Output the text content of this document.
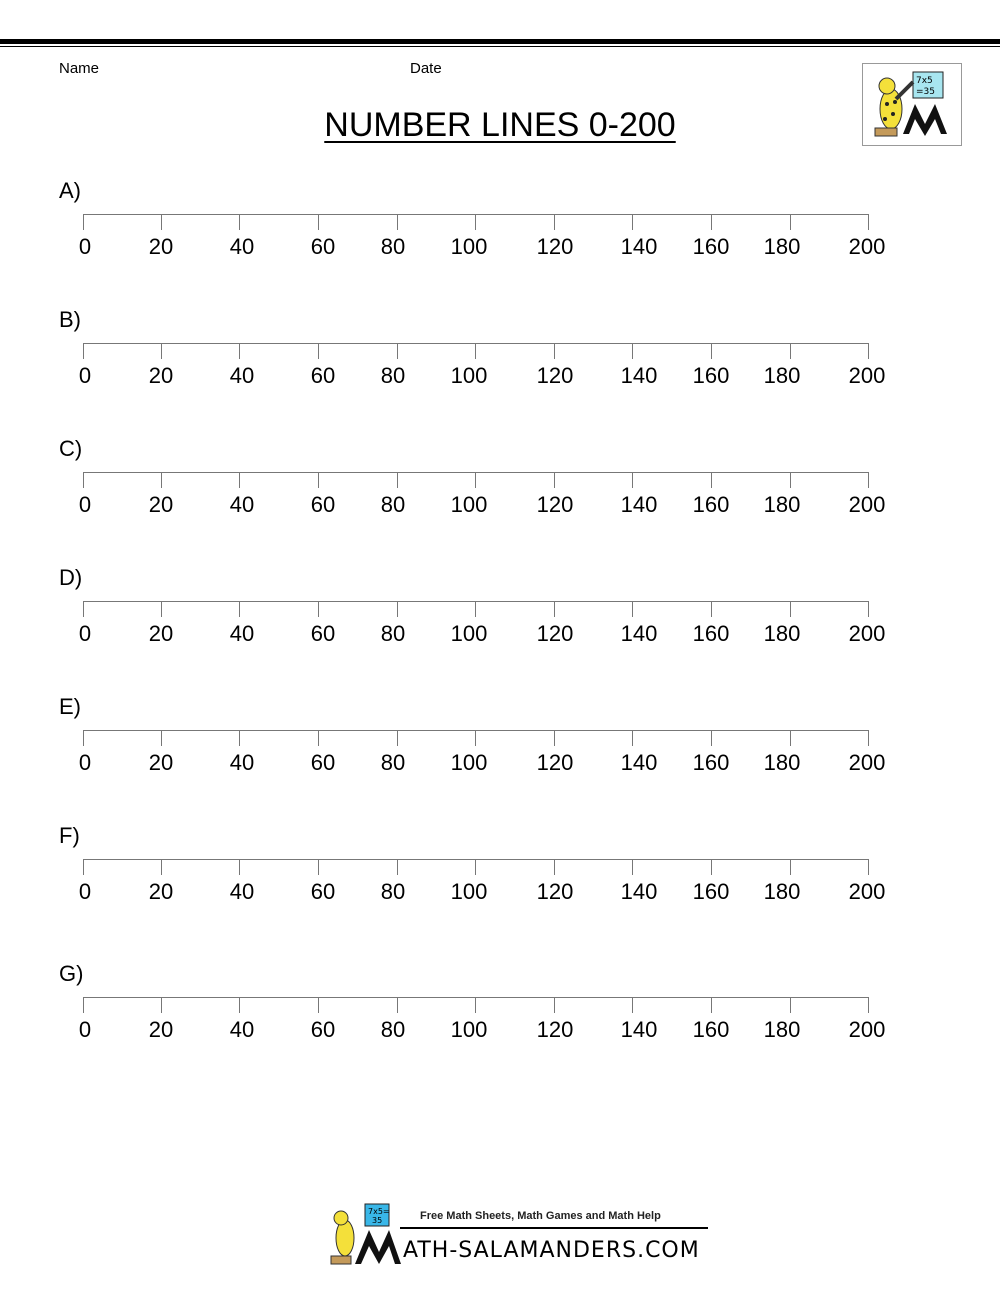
Name	Date
NUMBER LINES 0-200
7x5
=35
A)
0	20	40	60 80 100 120 140 160 180 200
B)
0	20	40	60 80 100 120 140 160 180 200
C)
0	20	40	60 80 100 120 140 160 180 200
D)
0	20	40	60 80 100 120 140 160 180 200
E)
0	20	40	60 80 100 120 140 160 180 200
F)
0	20	40	60 80 100 120 140 160 180 200
G)
0	20	40	60 80 100 120 140 160 180 200
7x5=
35	Free Math Sheets, Math Games and Math Help
ATH-SALAMANDERS.COM
